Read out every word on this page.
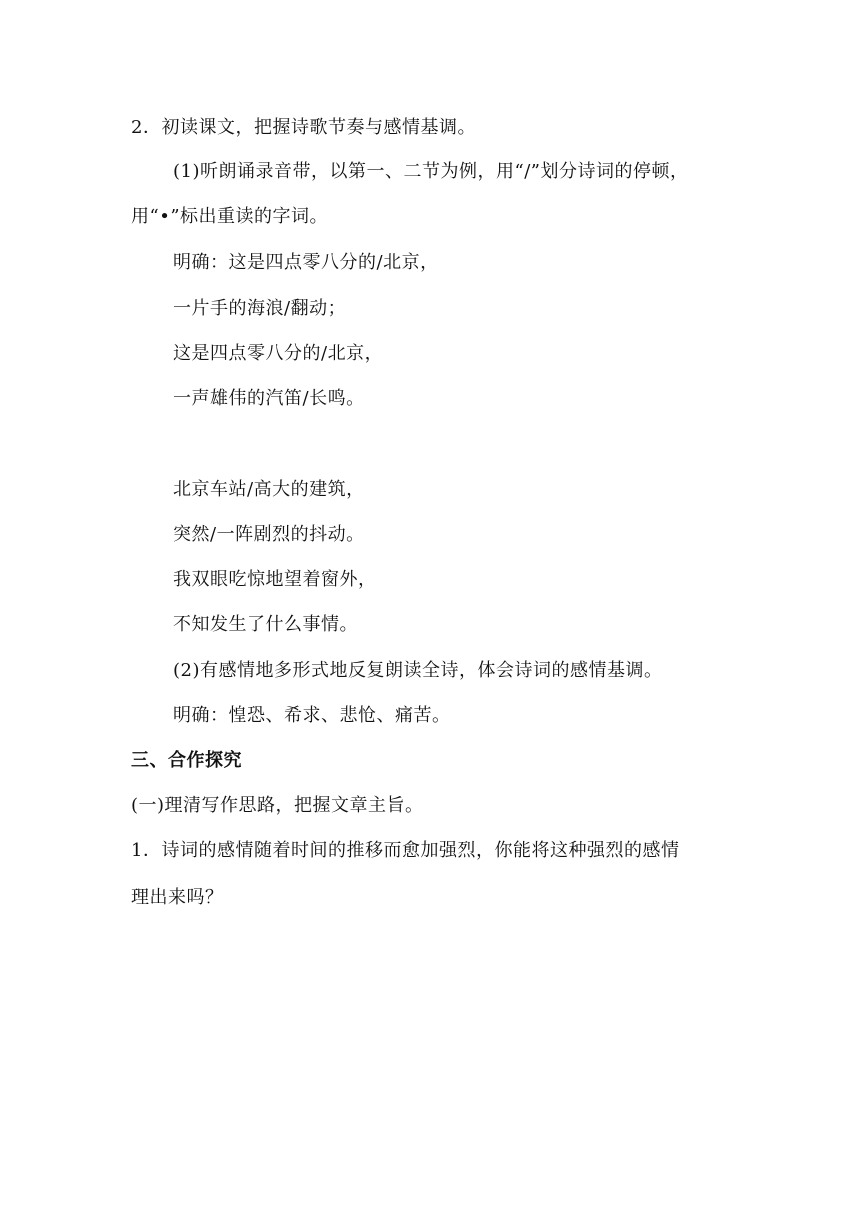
2．初读课文，把握诗歌节奏与感情基调。
(1)听朗诵录音带，以第一、二节为例，用“/”划分诗词的停顿，
用“•”标出重读的字词。
明确：这是四点零八分的/北京，
一片手的海浪/翻动；
这是四点零八分的/北京，
一声雄伟的汽笛/长鸣。
北京车站/高大的建筑，
突然/一阵剧烈的抖动。
我双眼吃惊地望着窗外，
不知发生了什么事情。
(2)有感情地多形式地反复朗读全诗，体会诗词的感情基调。
明确：惶恐、希求、悲怆、痛苦。
三、合作探究
(一)理清写作思路，把握文章主旨。
1．诗词的感情随着时间的推移而愈加强烈，你能将这种强烈的感情
理出来吗？
